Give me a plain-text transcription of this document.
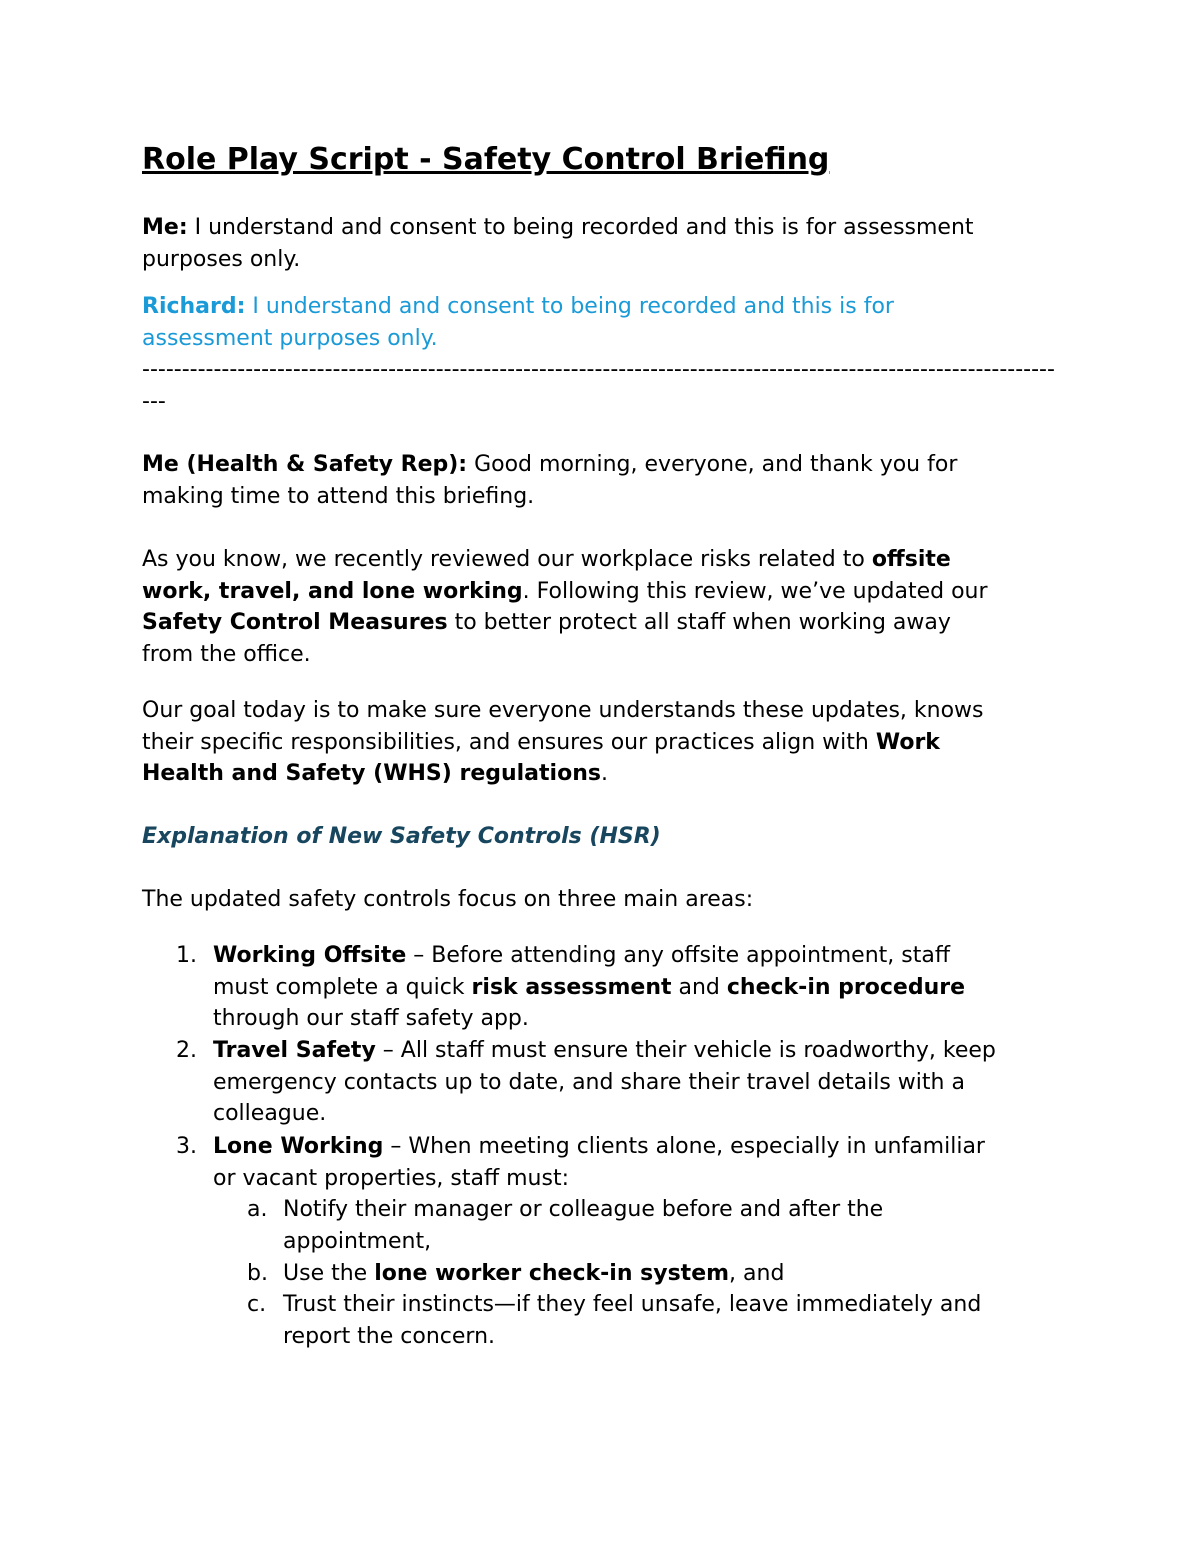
Role Play Script - Safety Control Briefing
Me: I understand and consent to being recorded and this is for assessment
purposes only.
Richard: I understand and consent to being recorded and this is for
assessment purposes only.
-------------------------------------------------------------------------------------------------------------------
---
Me (Health & Safety Rep): Good morning, everyone, and thank you for
making time to attend this briefing.
As you know, we recently reviewed our workplace risks related to offsite
work, travel, and lone working. Following this review, we’ve updated our
Safety Control Measures to better protect all staff when working away
from the office.
Our goal today is to make sure everyone understands these updates, knows
their specific responsibilities, and ensures our practices align with Work
Health and Safety (WHS) regulations.
Explanation of New Safety Controls (HSR)
The updated safety controls focus on three main areas:
1. Working Offsite – Before attending any offsite appointment, staff
must complete a quick risk assessment and check-in procedure
through our staff safety app.
2. Travel Safety – All staff must ensure their vehicle is roadworthy, keep
emergency contacts up to date, and share their travel details with a
colleague.
3. Lone Working – When meeting clients alone, especially in unfamiliar
or vacant properties, staff must:
a. Notify their manager or colleague before and after the
appointment,
b. Use the lone worker check-in system, and
c. Trust their instincts—if they feel unsafe, leave immediately and
report the concern.
